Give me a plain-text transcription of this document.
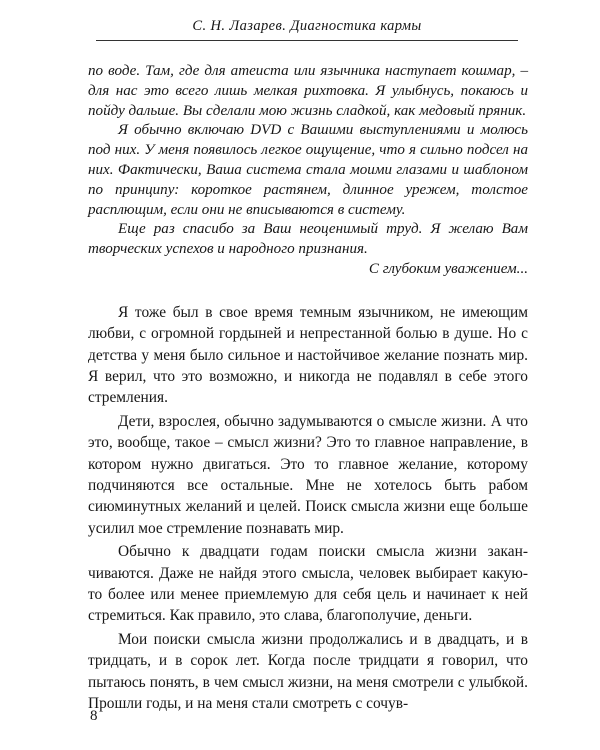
С. Н. Лазарев. Диагностика кармы

по воде. Там, где для атеиста или язычника наступает кошмар, – для нас это всего лишь мелкая рихтовка. Я улыбнусь, покаюсь и пойду дальше. Вы сделали мою жизнь сладкой, как медовый пряник.

Я обычно включаю DVD с Вашими выступлениями и молюсь под них. У меня появилось легкое ощущение, что я сильно подсел на них. Фактически, Ваша система стала моими глазами и шаблоном по принципу: короткое растянем, длинное урежем, толстое расплющим, если они не вписываются в систему.

Еще раз спасибо за Ваш неоценимый труд. Я желаю Вам творческих успехов и народного признания.

С глубоким уважением...

Я тоже был в свое время темным язычником, не имеющим любви, с огромной гордыней и непрестанной болью в душе. Но с детства у меня было сильное и настойчивое желание познать мир. Я верил, что это возможно, и никогда не подавлял в себе этого стремления.

Дети, взрослея, обычно задумываются о смысле жизни. А что это, вообще, такое – смысл жизни? Это то главное направление, в котором нужно двигаться. Это то главное желание, которому подчиняются все остальные. Мне не хотелось быть рабом сиюминутных желаний и целей. Поиск смысла жизни еще больше усилил мое стремление познавать мир.

Обычно к двадцати годам поиски смысла жизни заканчиваются. Даже не найдя этого смысла, человек выбирает какую-то более или менее приемлемую для себя цель и начинает к ней стремиться. Как правило, это слава, благополучие, деньги.

Мои поиски смысла жизни продолжались и в двадцать, и в тридцать, и в сорок лет. Когда после тридцати я говорил, что пытаюсь понять, в чем смысл жизни, на меня смотрели с улыбкой. Прошли годы, и на меня стали смотреть с сочув-

8
